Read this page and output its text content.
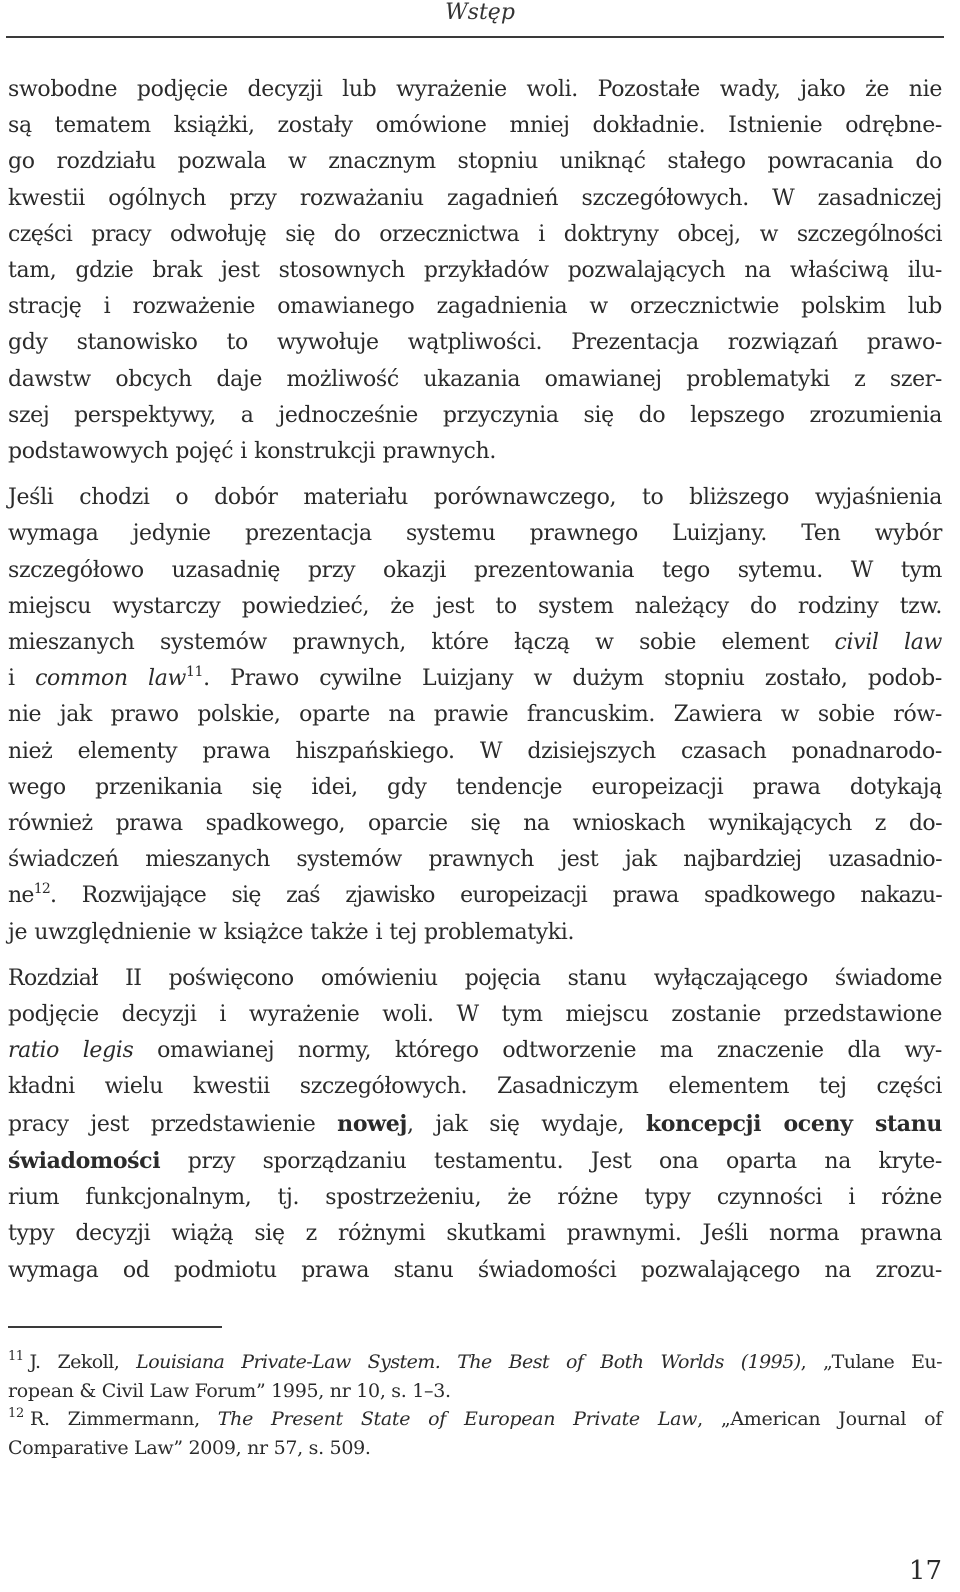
Wstęp

swobodne podjęcie decyzji lub wyrażenie woli. Pozostałe wady, jako że nie
są tematem książki, zostały omówione mniej dokładnie. Istnienie odrębne-
go rozdziału pozwala w znacznym stopniu uniknąć stałego powracania do
kwestii ogólnych przy rozważaniu zagadnień szczegółowych. W zasadniczej
części pracy odwołuję się do orzecznictwa i doktryny obcej, w szczególności
tam, gdzie brak jest stosownych przykładów pozwalających na właściwą ilu-
strację i rozważenie omawianego zagadnienia w orzecznictwie polskim lub
gdy stanowisko to wywołuje wątpliwości. Prezentacja rozwiązań prawo-
dawstw obcych daje możliwość ukazania omawianej problematyki z szer-
szej perspektywy, a jednocześnie przyczynia się do lepszego zrozumienia
podstawowych pojęć i konstrukcji prawnych.

Jeśli chodzi o dobór materiału porównawczego, to bliższego wyjaśnienia
wymaga jedynie prezentacja systemu prawnego Luizjany. Ten wybór
szczegółowo uzasadnię przy okazji prezentowania tego sytemu. W tym
miejscu wystarczy powiedzieć, że jest to system należący do rodziny tzw.
mieszanych systemów prawnych, które łączą w sobie element civil law
i common law$^{11}$. Prawo cywilne Luizjany w dużym stopniu zostało, podob-
nie jak prawo polskie, oparte na prawie francuskim. Zawiera w sobie rów-
nież elementy prawa hiszpańskiego. W dzisiejszych czasach ponadnarodo-
wego przenikania się idei, gdy tendencje europeizacji prawa dotykają
również prawa spadkowego, oparcie się na wnioskach wynikających z do-
świadczeń mieszanych systemów prawnych jest jak najbardziej uzasadnio-
$ne^{12}$. Rozwijające się zaś zjawisko europeizacji prawa spadkowego nakazu-
je uwzględnienie w książce także i tej problematyki.

Rozdział II poświęcono omówieniu pojęcia stanu wyłączającego świadome
podjęcie decyzji i wyrażenie woli. W tym miejscu zostanie przedstawione
ratio legis omawianej normy, którego odtworzenie ma znaczenie dla wy-
kładni wielu kwestii szczegółowych. Zasadniczym elementem tej części
pracy jest przedstawienie nowej, jak się wydaje, koncepcji oceny stanu
świadomości przy sporządzaniu testamentu. Jest ona oparta na kryte-
rium funkcjonalnym, tj. spostrzeżeniu, że różne typy czynności i różne
typy decyzji wiążą się z różnymi skutkami prawnymi. Jeśli norma prawna
wymaga od podmiotu prawa stanu świadomości pozwalającego na zrozu-

$^{11}$ J. Zekoll, Louisiana Private-Law System. The Best of Both Worlds (1995), „Tulane Eu-
ropean & Civil Law Forum” 1995, nr 10, s. 1–3.
$^{12}$ R. Zimmermann, The Present State of European Private Law, „American Journal of
Comparative Law” 2009, nr 57, s. 509.
17
